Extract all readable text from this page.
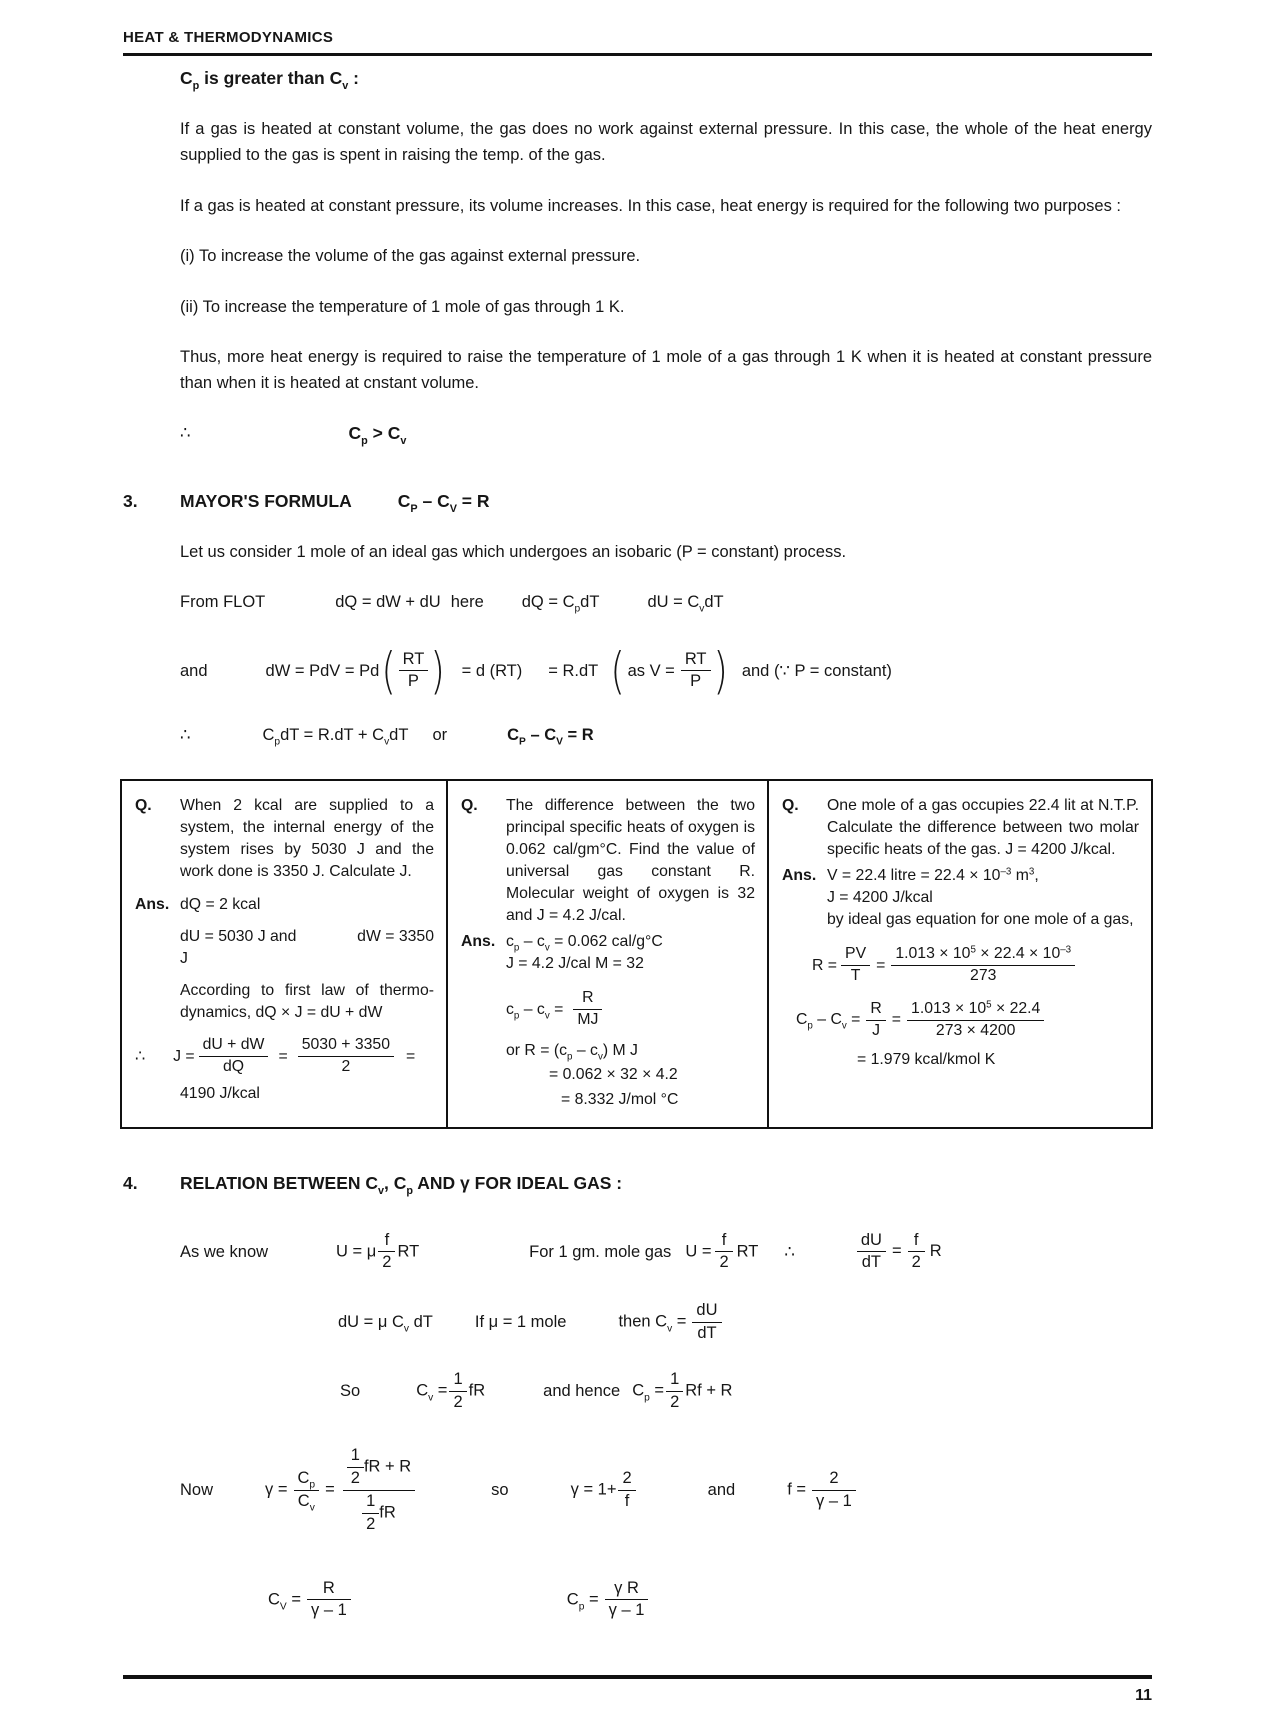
HEAT & THERMODYNAMICS
$C_p$ is greater than $C_v$ :

If a gas is heated at constant volume, the gas does no work against external pressure. In this case, the whole of the heat energy supplied to the gas is spent in raising the temp. of the gas.

If a gas is heated at constant pressure, its volume increases. In this case, heat energy is required for the following two purposes :

(i) To increase the volume of the gas against external pressure.

(ii) To increase the temperature of 1 mole of gas through 1 K.

Thus, more heat energy is required to raise the temperature of 1 mole of a gas through 1 K when it is heated at constant pressure than when it is heated at cnstant volume.

∴	$C_p > C_v$
3.	MAYOR'S FORMULA	$C_P - C_V = R$

Let us consider 1 mole of an ideal gas which undergoes an isobaric (P = constant) process.

From FLOT	dQ = dW + dU here dQ = $C_pdT$	dU = $C_vdT$
and	dW = PdV = Pd ( $\frac{RT}{P}$ ) = d (RT) = R.dT ( as $V = \frac{RT}{P}$ ) and (∵ P = constant)
∴	$C_pdT = R.dT + C_vdT$ or	$C_P - C_V = R$
Q.	When 2 kcal are supplied to a system, the internal energy of the system rises by 5030 J and the work done is 3350 J. Calculate J.
Ans. dQ = 2 kcal
dU = 5030 J and	dW = 3350
J
According to first law of thermo-dynamics, dQ × J = dU + dW
∴ $J = \frac{dU + dW}{dQ} = \frac{5030 + 3350}{2}$ =
4190 J/kcal
Q.	The difference between the two principal specific heats of oxygen is 0.062 cal/gm°C. Find the value of universal gas constant R. Molecular weight of oxygen is 32 and J = 4.2 J/cal.
Ans. $c_p - c_v = 0.062$ cal/g°C
J = 4.2 J/cal M = 32
$c_p - c_v = \frac{R}{MJ}$
or $R = (c_p - c_v)$ M J
= 0.062 × 32 × 4.2
= 8.332 J/mol °C
Q.	One mole of a gas occupies 22.4 lit at N.T.P. Calculate the difference between two molar specific heats of the gas. J = 4200 J/kcal.
Ans. V = 22.4 litre = $22.4 \times 10^{-3}$ $m^3$,
J = 4200 J/kcal
by ideal gas equation for one mole of a gas,
$R = \frac{PV}{T} = \frac{1.013 \times 10^5 \times 22.4 \times 10^{-3}}{273}$
$C_p - C_v = \frac{R}{J} = \frac{1.013 \times 10^5 \times 22.4}{273 \times 4200}$
= 1.979 kcal/kmol K
4.	RELATION BETWEEN $C_v$, $C_p$ AND γ FOR IDEAL GAS :
As we know	U = μ $\frac{f}{2}$ RT	For 1 gm. mole gas $U = \frac{f}{2}$ RT ∴	$\frac{dU}{dT} = \frac{f}{2}$ R
dU = μ $C_v$ dT	If μ = 1 mole	then $C_v = \frac{dU}{dT}$
So	$C_v = \frac{1}{2}$ fR	and hence $C_p = \frac{1}{2}$ Rf + R
Now	$\gamma = \frac{C_p}{C_v} = \frac{\frac{1}{2} fR + R}{\frac{1}{2} fR}$	so	$\gamma = 1+ \frac{2}{f}$	and	$f = \frac{2}{\gamma - 1}$
$C_V = \frac{R}{\gamma - 1}$	$C_p = \frac{\text{γ R}}{\gamma - 1}$
11
